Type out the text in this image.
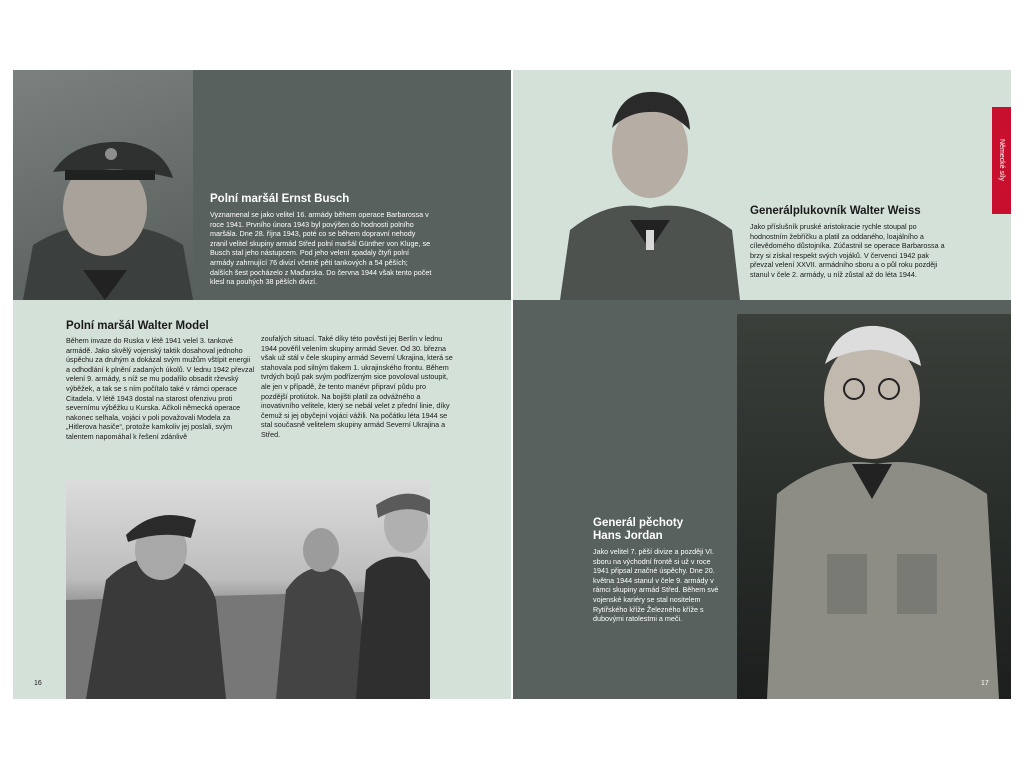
Polní maršál Ernst Busch

Vyznamenal se jako velitel 16. armády během operace Barbarossa v roce 1941. Prvního února 1943 byl povýšen do hodnosti polního maršála. Dne 28. října 1943, poté co se během dopravní nehody zranil velitel skupiny armád Střed polní maršál Günther von Kluge, se Busch stal jeho nástupcem. Pod jeho velení spadaly čtyři polní armády zahrnující 76 divizí včetně pěti tankových a 54 pěších; dalších šest pocházelo z Maďarska. Do června 1944 však tento počet klesl na pouhých 38 pěších divizí.

Polní maršál Walter Model

Během invaze do Ruska v létě 1941 velel 3. tankové armádě. Jako skvělý vojenský taktik dosahoval jednoho úspěchu za druhým a dokázal svým mužům vštípit energii a odhodlání k plnění zadaných úkolů. V lednu 1942 převzal velení 9. armády, s níž se mu podařilo obsadit rževský výběžek, a tak se s ním počítalo také v rámci operace Citadela. V létě 1943 dostal na starost ofenzivu proti severnímu výběžku u Kurska. Ačkoli německá operace nakonec selhala, vojáci v poli považovali Modela za „Hitlerova hasiče“, protože kamkoliv jej poslali, svým talentem napomáhal k řešení zdánlivě

zoufalých situací. Také díky této pověsti jej Berlín v lednu 1944 pověřil velením skupiny armád Sever. Od 30. března však už stál v čele skupiny armád Severní Ukrajina, která se stahovala pod silným tlakem 1. ukrajinského frontu. Během tvrdých bojů pak svým podřízeným sice povoloval ustoupit, ale jen v případě, že tento manévr připraví půdu pro pozdější protiútok. Na bojišti platil za odvážného a inovativního velitele, který se nebál velet z přední linie, díky čemuž si jej obyčejní vojáci vážili. Na počátku léta 1944 se stal současně velitelem skupiny armád Severní Ukrajina a Střed.

16
Generálplukovník Walter Weiss

Jako příslušník pruské aristokracie rychle stoupal po hodnostním žebříčku a platil za oddaného, loajálního a cílevědomého důstojníka. Zúčastnil se operace Barbarossa a brzy si získal respekt svých vojáků. V červenci 1942 pak převzal velení XXVII. armádního sboru a o půl roku později stanul v čele 2. armády, u níž zůstal až do léta 1944.

Německé síly
Generál pěchoty
Hans Jordan

Jako velitel 7. pěší divize a později VI. sboru na východní frontě si už v roce 1941 připsal značné úspěchy. Dne 20. května 1944 stanul v čele 9. armády v rámci skupiny armád Střed. Během své vojenské kariéry se stal nositelem Rytířského kříže Železného kříže s dubovými ratolestmi a meči.

17
